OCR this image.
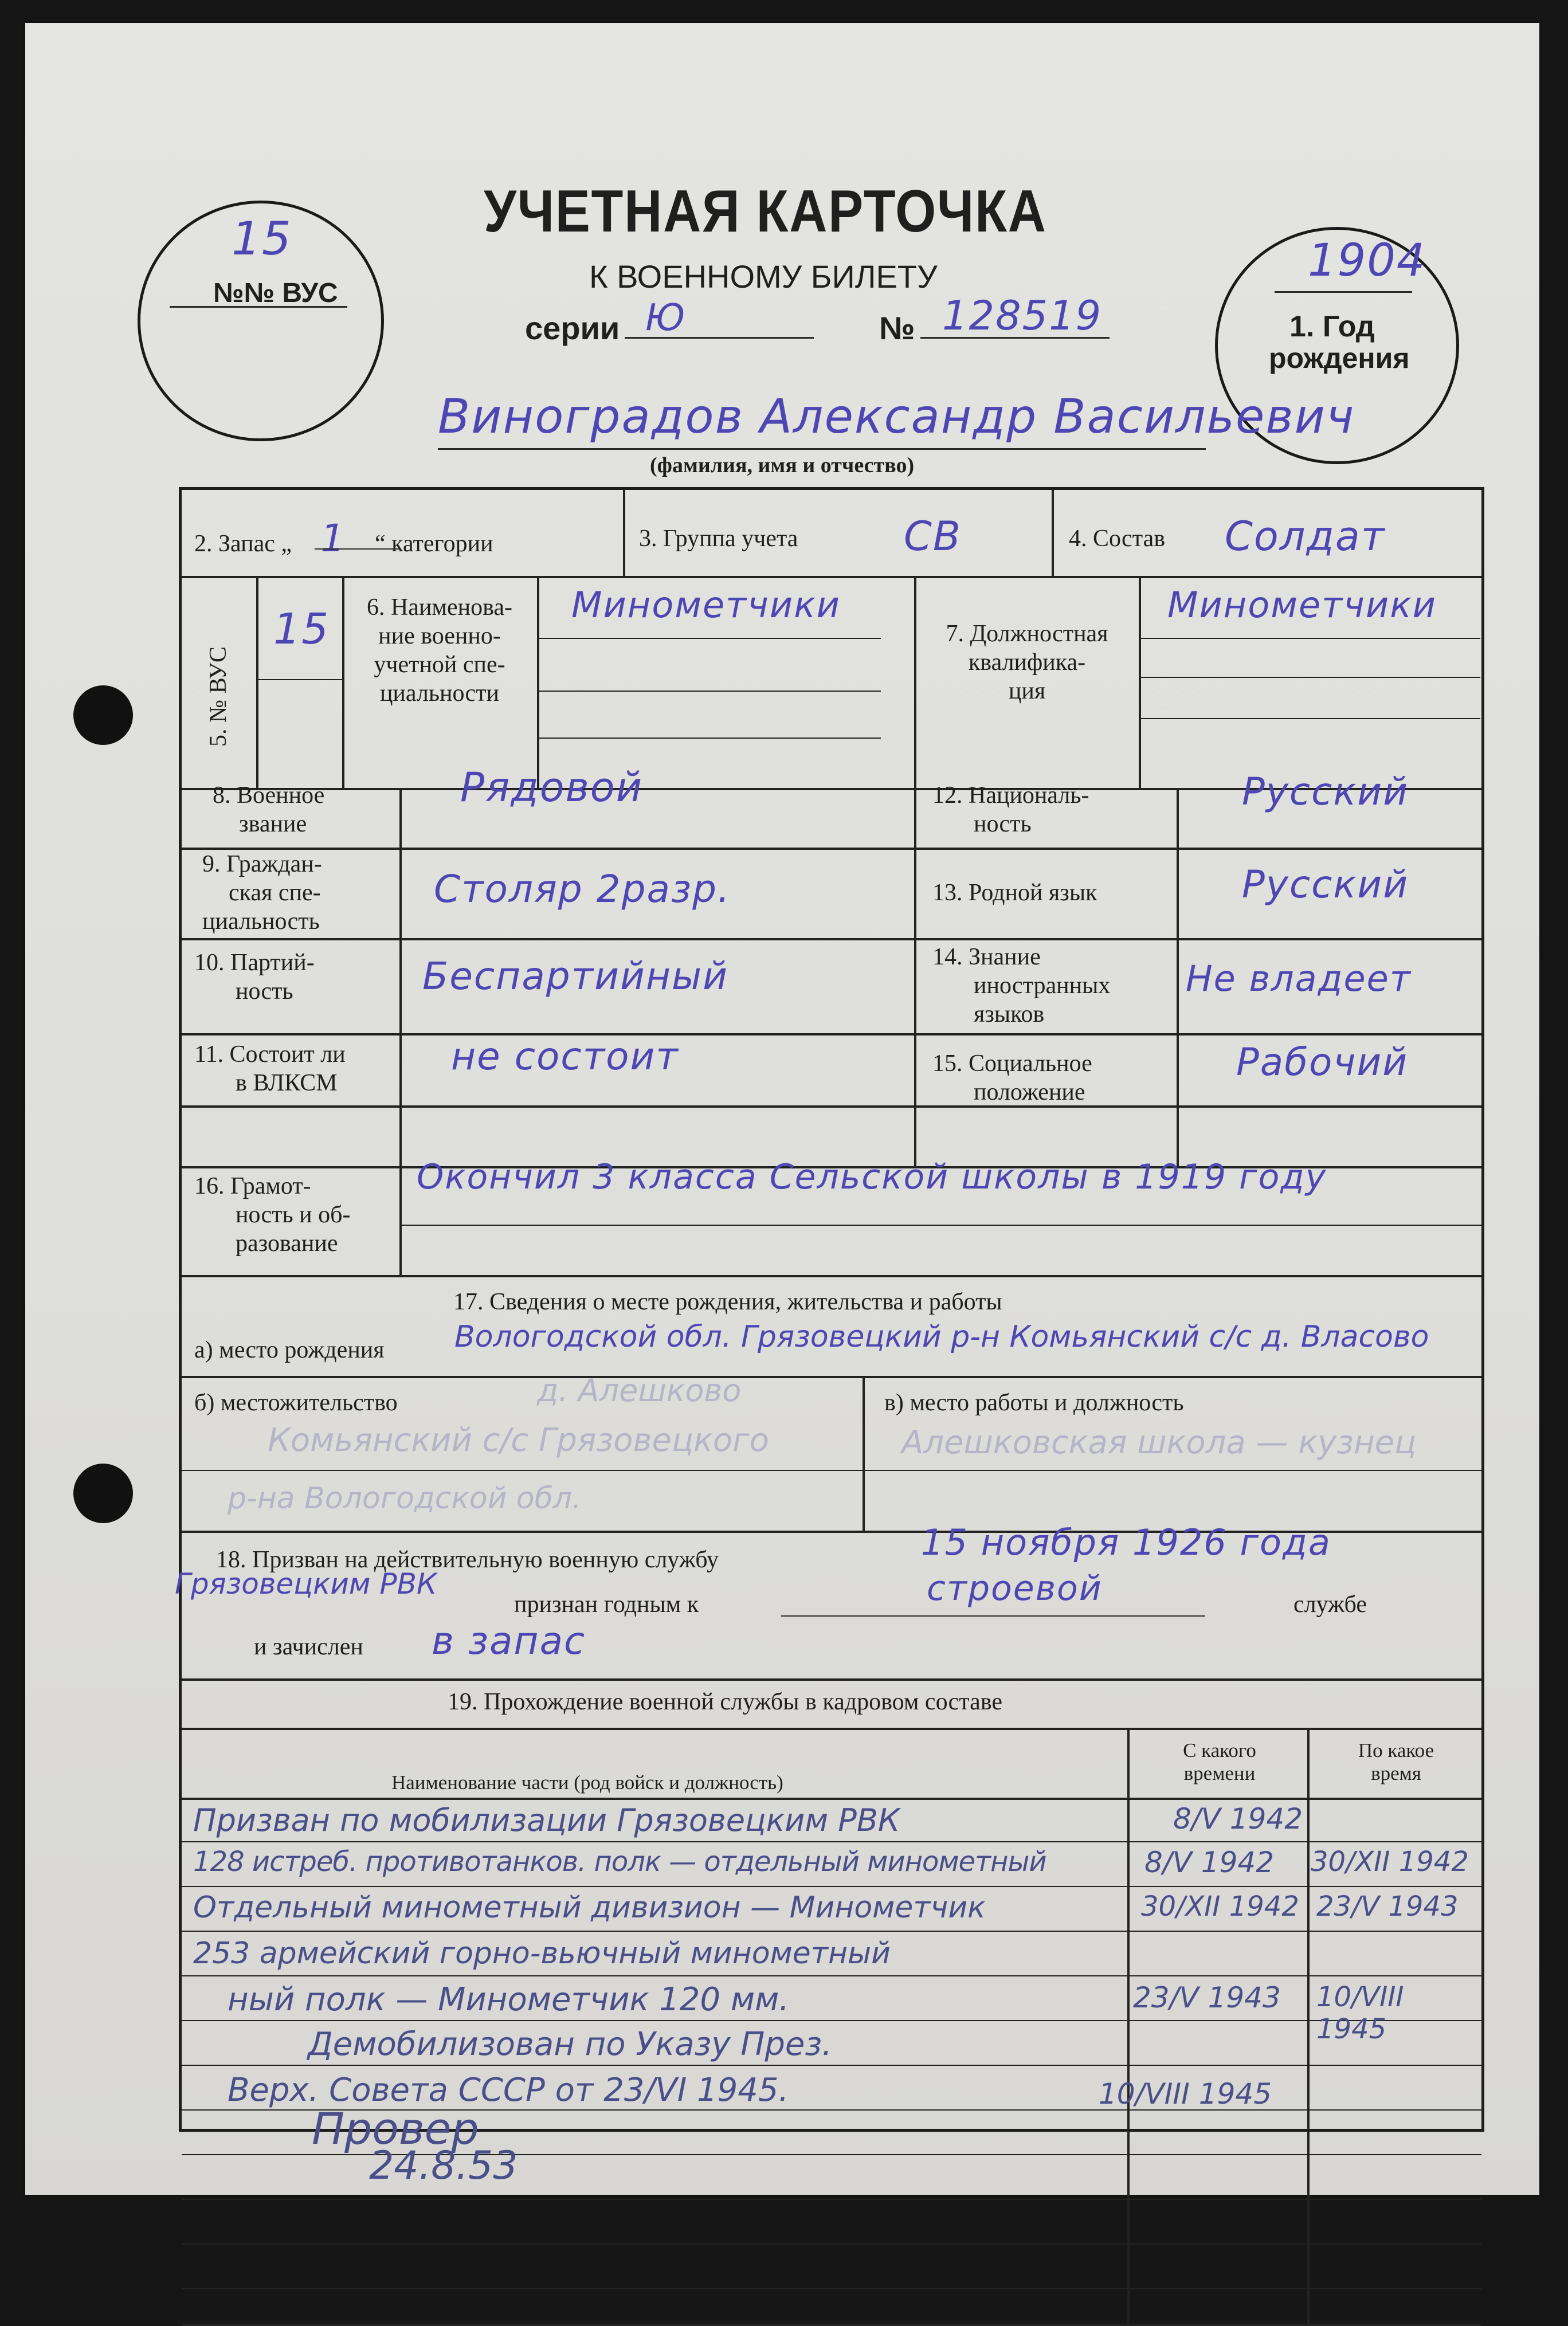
УЧЕТНАЯ КАРТОЧКА
К ВОЕННОМУ БИЛЕТУ
серии Ю	№ 128519
15
№№ ВУС
1904
1. Год
рождения
Виноградов Александр Васильевич
(фамилия, имя и отчество)
2. Запас „ 1 “ категории	3. Группа учета	СВ	4. Состав Солдат
5. № ВУС
15	6. Наименова-
ние военно-
учетной спе-
циальности
Минометчики
7. Должностная
квалифика-
ция
Минометчики
8. Военное
звание
Рядовой
9. Граждан-
ская спе-
циальность
Столяр 2разр.
10. Партий-
ность	Беспартийный
11. Состоит ли
в ВЛКСМ
не состоит
12. Националь-
ность
Русский
13. Родной язык	Русский
14. Знание
иностранных
языков
Не владеет
15. Социальное
положение
Рабочий
16. Грамот-
ность и об-
разование
Окончил 3 класса Сельской школы в 1919 году
17. Сведения о месте рождения, жительства и работы
а) место рождения Вологодской обл. Грязовецкий р-н Комьянский с/с д. Власово
б) местожительство	д. Алешково
Комьянский с/с Грязовецкого
р-на Вологодской обл.
в) место работы и должность
Алешковская школа — кузнец
18. Призван на действительную военную службу	15 ноября 1926 года
Грязовецким РВК
признан годным к	строевой	службе
и зачислен в запас
19. Прохождение военной службы в кадровом составе
Наименование части (род войск и должность)
С какого
времени
По какое
время
Призван по мобилизации Грязовецким РВК	8/V 1942
128 истреб. противотанков. полк — отдельный минометный	8/V 1942 30/XII 1942
Отдельный минометный дивизион — Минометчик	30/XII 1942 23/V 1943
253 армейский горно-вьючный минометный
ный полк — Минометчик 120 мм.	23/V 1943 10/VIII 1945
Демобилизован по Указу През.
Верх. Совета СССР от 23/VI 1945.	10/VIII 1945
Провер
24.8.53
